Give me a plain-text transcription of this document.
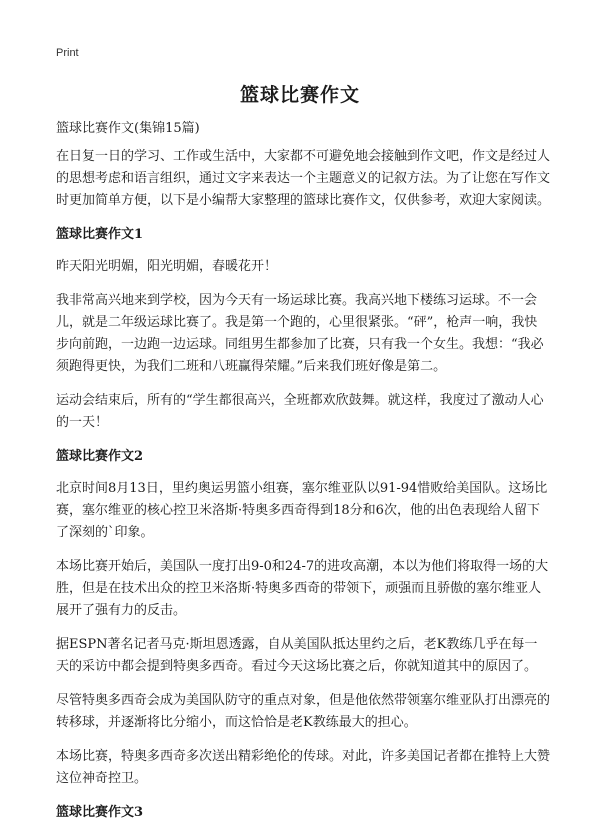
Print
篮球比赛作文

篮球比赛作文(集锦15篇)

在日复一日的学习、工作或生活中，大家都不可避免地会接触到作文吧，作文是经过人的思想考虑和语言组织，通过文字来表达一个主题意义的记叙方法。为了让您在写作文时更加简单方便，以下是小编帮大家整理的篮球比赛作文，仅供参考，欢迎大家阅读。

篮球比赛作文1

昨天阳光明媚，阳光明媚，春暖花开！

我非常高兴地来到学校，因为今天有一场运球比赛。我高兴地下楼练习运球。不一会儿，就是二年级运球比赛了。我是第一个跑的，心里很紧张。“砰”，枪声一响，我快步向前跑，一边跑一边运球。同组男生都参加了比赛，只有我一个女生。我想：“我必须跑得更快，为我们二班和八班赢得荣耀。”后来我们班好像是第二。

运动会结束后，所有的“学生都很高兴，全班都欢欣鼓舞。就这样，我度过了激动人心的一天！

篮球比赛作文2

北京时间8月13日，里约奥运男篮小组赛，塞尔维亚队以91-94惜败给美国队。这场比赛，塞尔维亚的核心控卫米洛斯·特奥多西奇得到18分和6次，他的出色表现给人留下了深刻的`印象。

本场比赛开始后，美国队一度打出9-0和24-7的进攻高潮，本以为他们将取得一场的大胜，但是在技术出众的控卫米洛斯·特奥多西奇的带领下，顽强而且骄傲的塞尔维亚人展开了强有力的反击。

据ESPN著名记者马克·斯坦恩透露，自从美国队抵达里约之后，老K教练几乎在每一天的采访中都会提到特奥多西奇。看过今天这场比赛之后，你就知道其中的原因了。

尽管特奥多西奇会成为美国队防守的重点对象，但是他依然带领塞尔维亚队打出漂亮的转移球，并逐渐将比分缩小，而这恰恰是老K教练最大的担心。

本场比赛，特奥多西奇多次送出精彩绝伦的传球。对此，许多美国记者都在推特上大赞这位神奇控卫。

篮球比赛作文3
